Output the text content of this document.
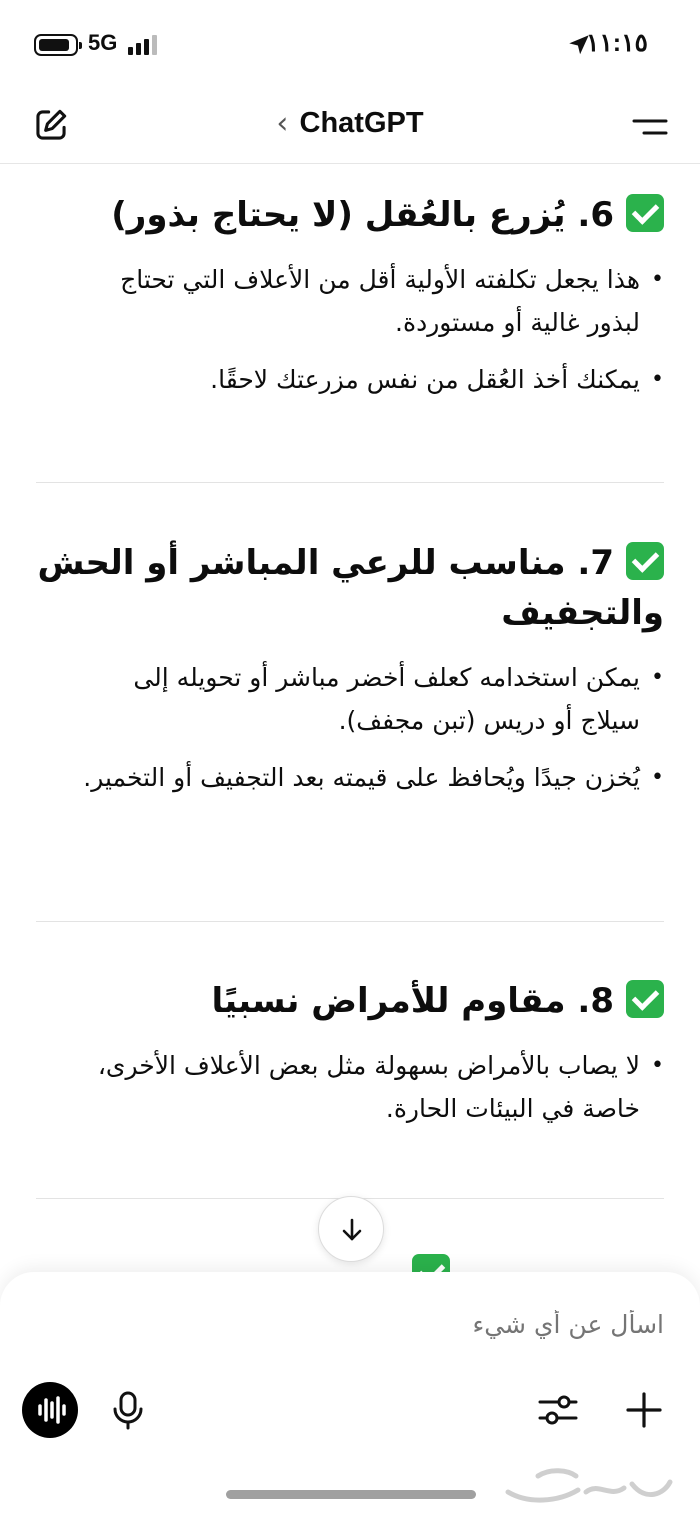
5G	١١:١٥
‹ ChatGPT
6. يُزرع بالعُقل (لا يحتاج بذور)
• هذا يجعل تكلفته الأولية أقل من الأعلاف التي تحتاج لبذور غالية أو مستوردة.
• يمكنك أخذ العُقل من نفس مزرعتك لاحقًا.
7. مناسب للرعي المباشر أو الحش والتجفيف
• يمكن استخدامه كعلف أخضر مباشر أو تحويله إلى سيلاج أو دريس (تبن مجفف).
• يُخزن جيدًا ويُحافظ على قيمته بعد التجفيف أو التخمير.
8. مقاوم للأمراض نسبيًا
• لا يصاب بالأمراض بسهولة مثل بعض الأعلاف الأخرى، خاصة في البيئات الحارة.
اسأل عن أي شيء
